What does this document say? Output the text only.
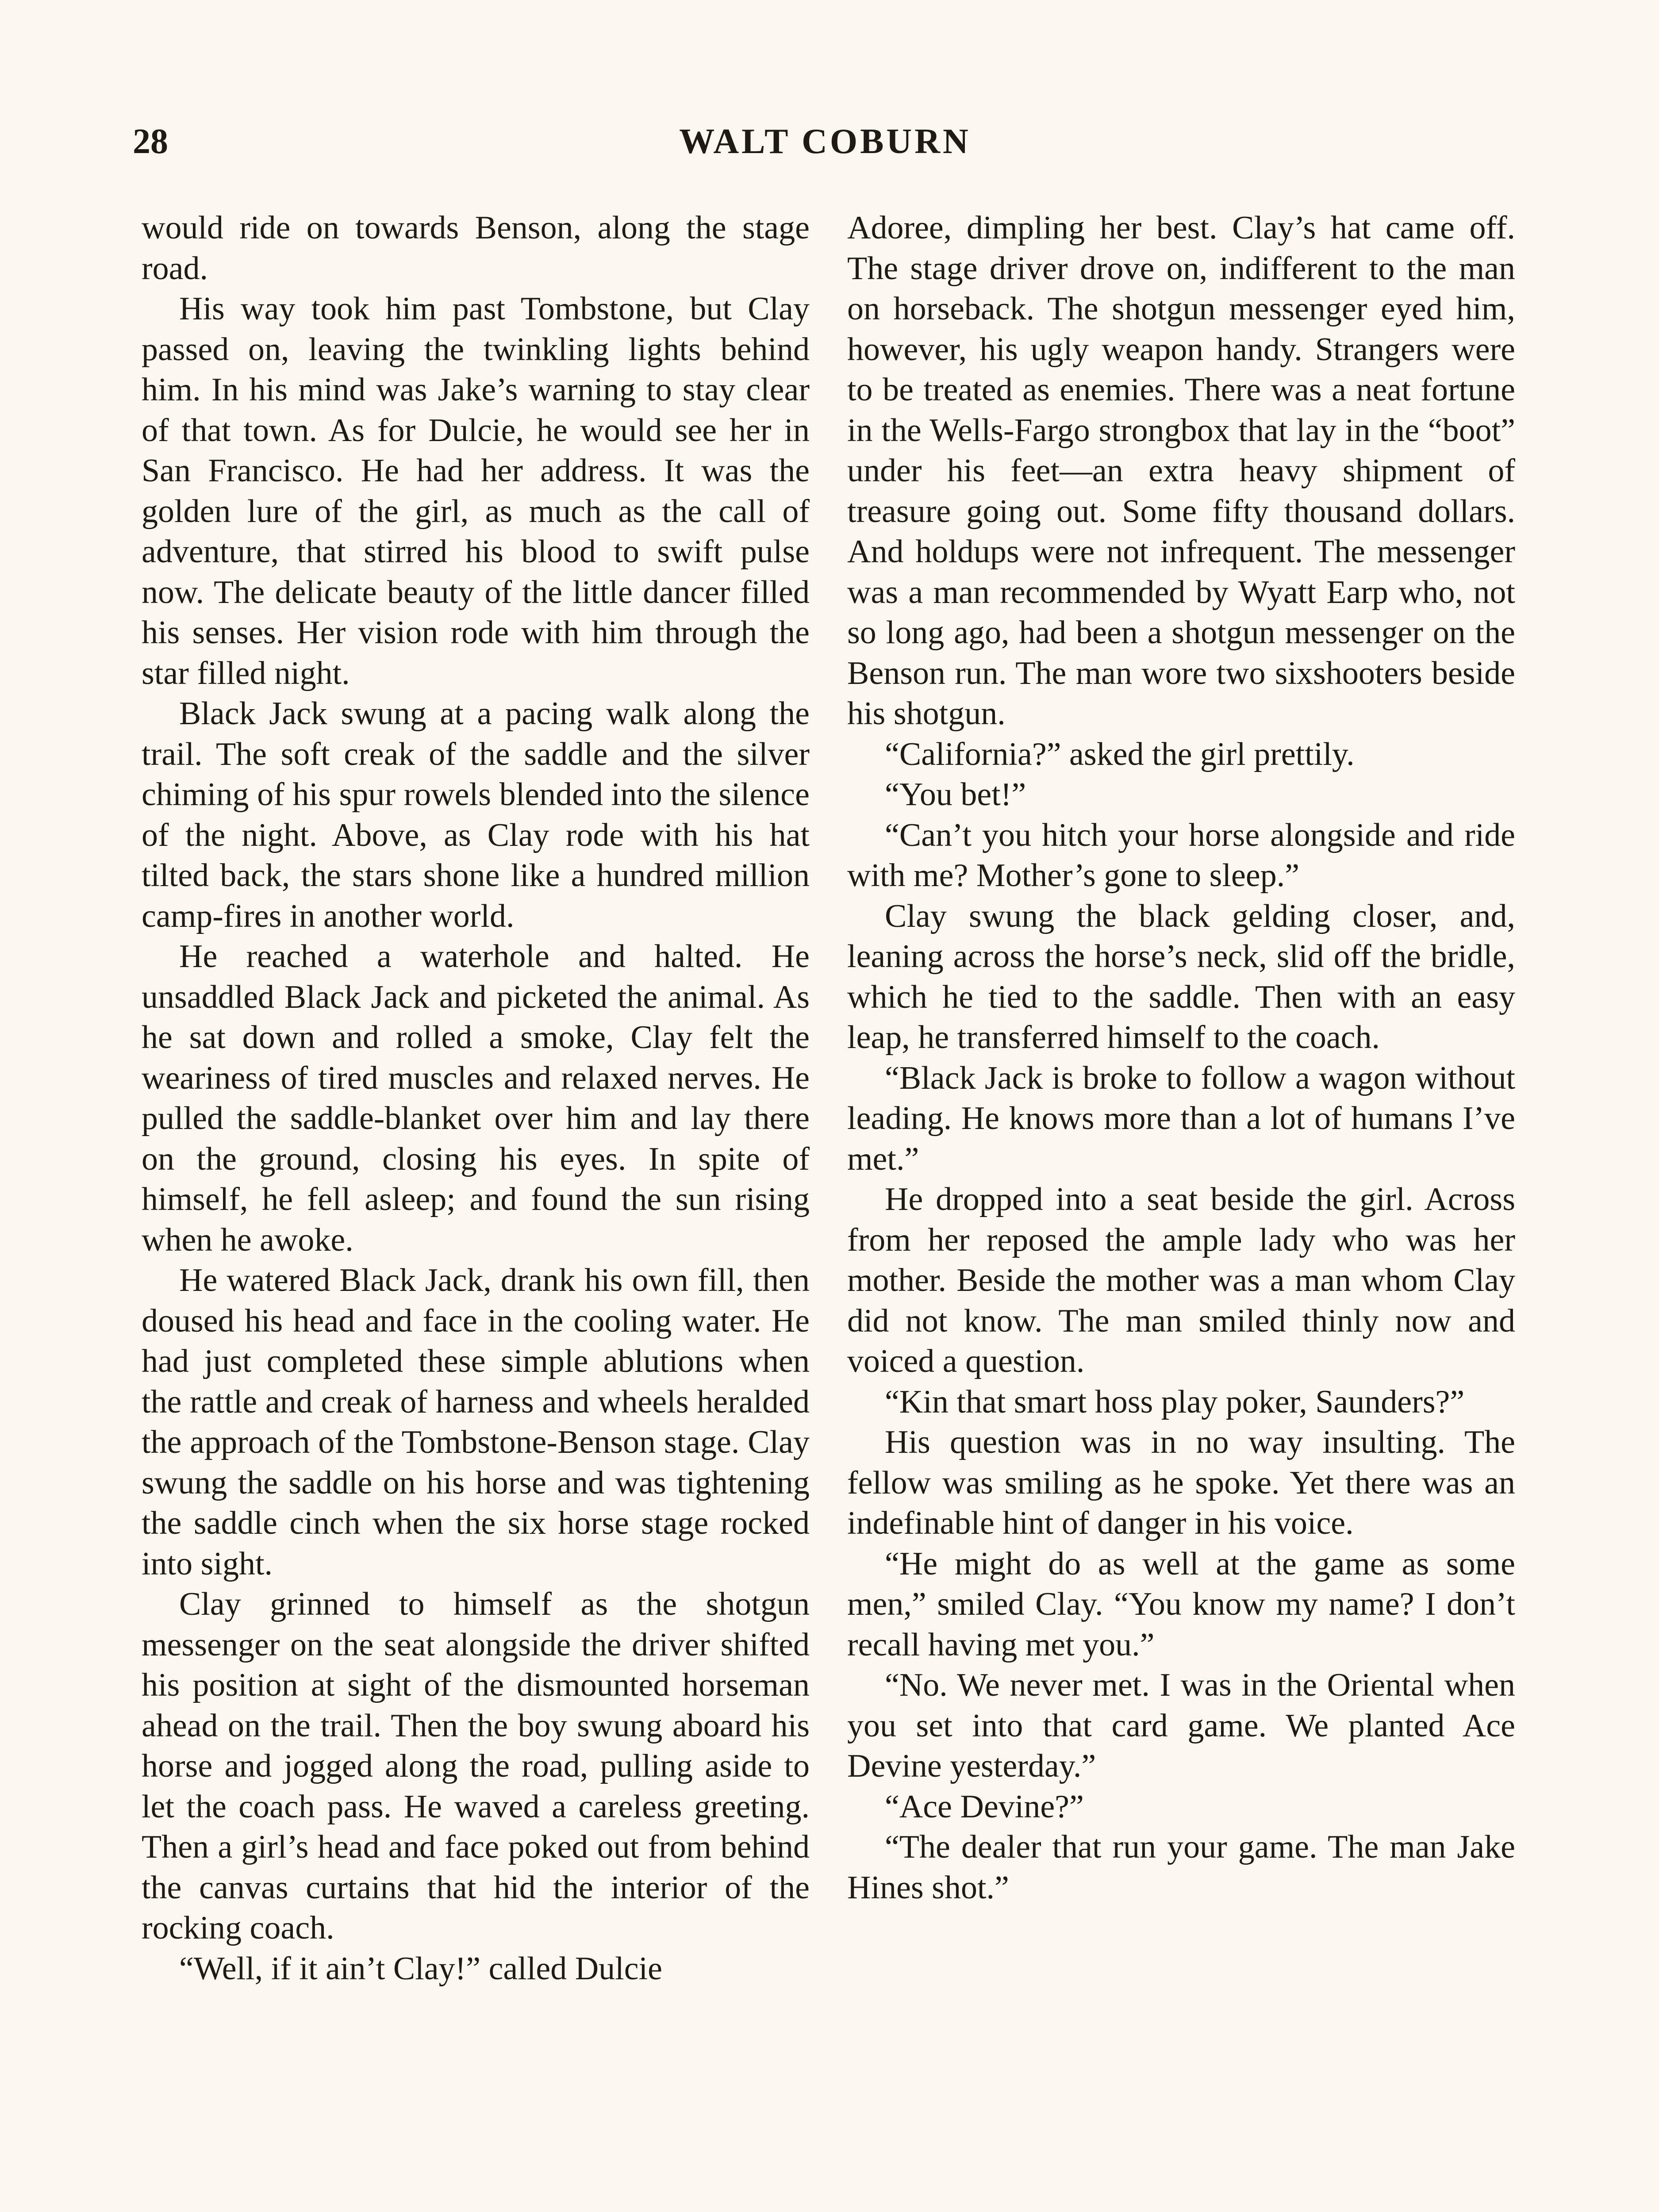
28	WALT COBURN

would ride on towards Benson, along the stage road.

His way took him past Tombstone, but Clay passed on, leaving the twinkling lights behind him. In his mind was Jake’s warning to stay clear of that town. As for Dulcie, he would see her in San Francisco. He had her address. It was the golden lure of the girl, as much as the call of adventure, that stirred his blood to swift pulse now. The delicate beauty of the little dancer filled his senses. Her vision rode with him through the star filled night.

Black Jack swung at a pacing walk along the trail. The soft creak of the saddle and the silver chiming of his spur rowels blended into the silence of the night. Above, as Clay rode with his hat tilted back, the stars shone like a hundred million camp-fires in another world.

He reached a waterhole and halted. He unsaddled Black Jack and picketed the animal. As he sat down and rolled a smoke, Clay felt the weariness of tired muscles and relaxed nerves. He pulled the saddle-blanket over him and lay there on the ground, closing his eyes. In spite of himself, he fell asleep; and found the sun rising when he awoke.

He watered Black Jack, drank his own fill, then doused his head and face in the cooling water. He had just completed these simple ablutions when the rattle and creak of harness and wheels heralded the approach of the Tombstone-Benson stage. Clay swung the saddle on his horse and was tightening the saddle cinch when the six horse stage rocked into sight.

Clay grinned to himself as the shotgun messenger on the seat alongside the driver shifted his position at sight of the dismounted horseman ahead on the trail. Then the boy swung aboard his horse and jogged along the road, pulling aside to let the coach pass. He waved a careless greeting. Then a girl’s head and face poked out from behind the canvas curtains that hid the interior of the rocking coach.

“Well, if it ain’t Clay!” called Dulcie

Adoree, dimpling her best. Clay’s hat came off. The stage driver drove on, indifferent to the man on horseback. The shotgun messenger eyed him, however, his ugly weapon handy. Strangers were to be treated as enemies. There was a neat fortune in the Wells-Fargo strongbox that lay in the “boot” under his feet—an extra heavy shipment of treasure going out. Some fifty thousand dollars. And holdups were not infrequent. The messenger was a man recommended by Wyatt Earp who, not so long ago, had been a shotgun messenger on the Benson run. The man wore two sixshooters beside his shotgun.

“California?” asked the girl prettily.

“You bet!”

“Can’t you hitch your horse alongside and ride with me? Mother’s gone to sleep.”

Clay swung the black gelding closer, and, leaning across the horse’s neck, slid off the bridle, which he tied to the saddle. Then with an easy leap, he transferred himself to the coach.

“Black Jack is broke to follow a wagon without leading. He knows more than a lot of humans I’ve met.”

He dropped into a seat beside the girl. Across from her reposed the ample lady who was her mother. Beside the mother was a man whom Clay did not know. The man smiled thinly now and voiced a question.

“Kin that smart hoss play poker, Saunders?”

His question was in no way insulting. The fellow was smiling as he spoke. Yet there was an indefinable hint of danger in his voice.

“He might do as well at the game as some men,” smiled Clay. “You know my name? I don’t recall having met you.”

“No. We never met. I was in the Oriental when you set into that card game. We planted Ace Devine yesterday.”

“Ace Devine?”

“The dealer that run your game. The man Jake Hines shot.”
